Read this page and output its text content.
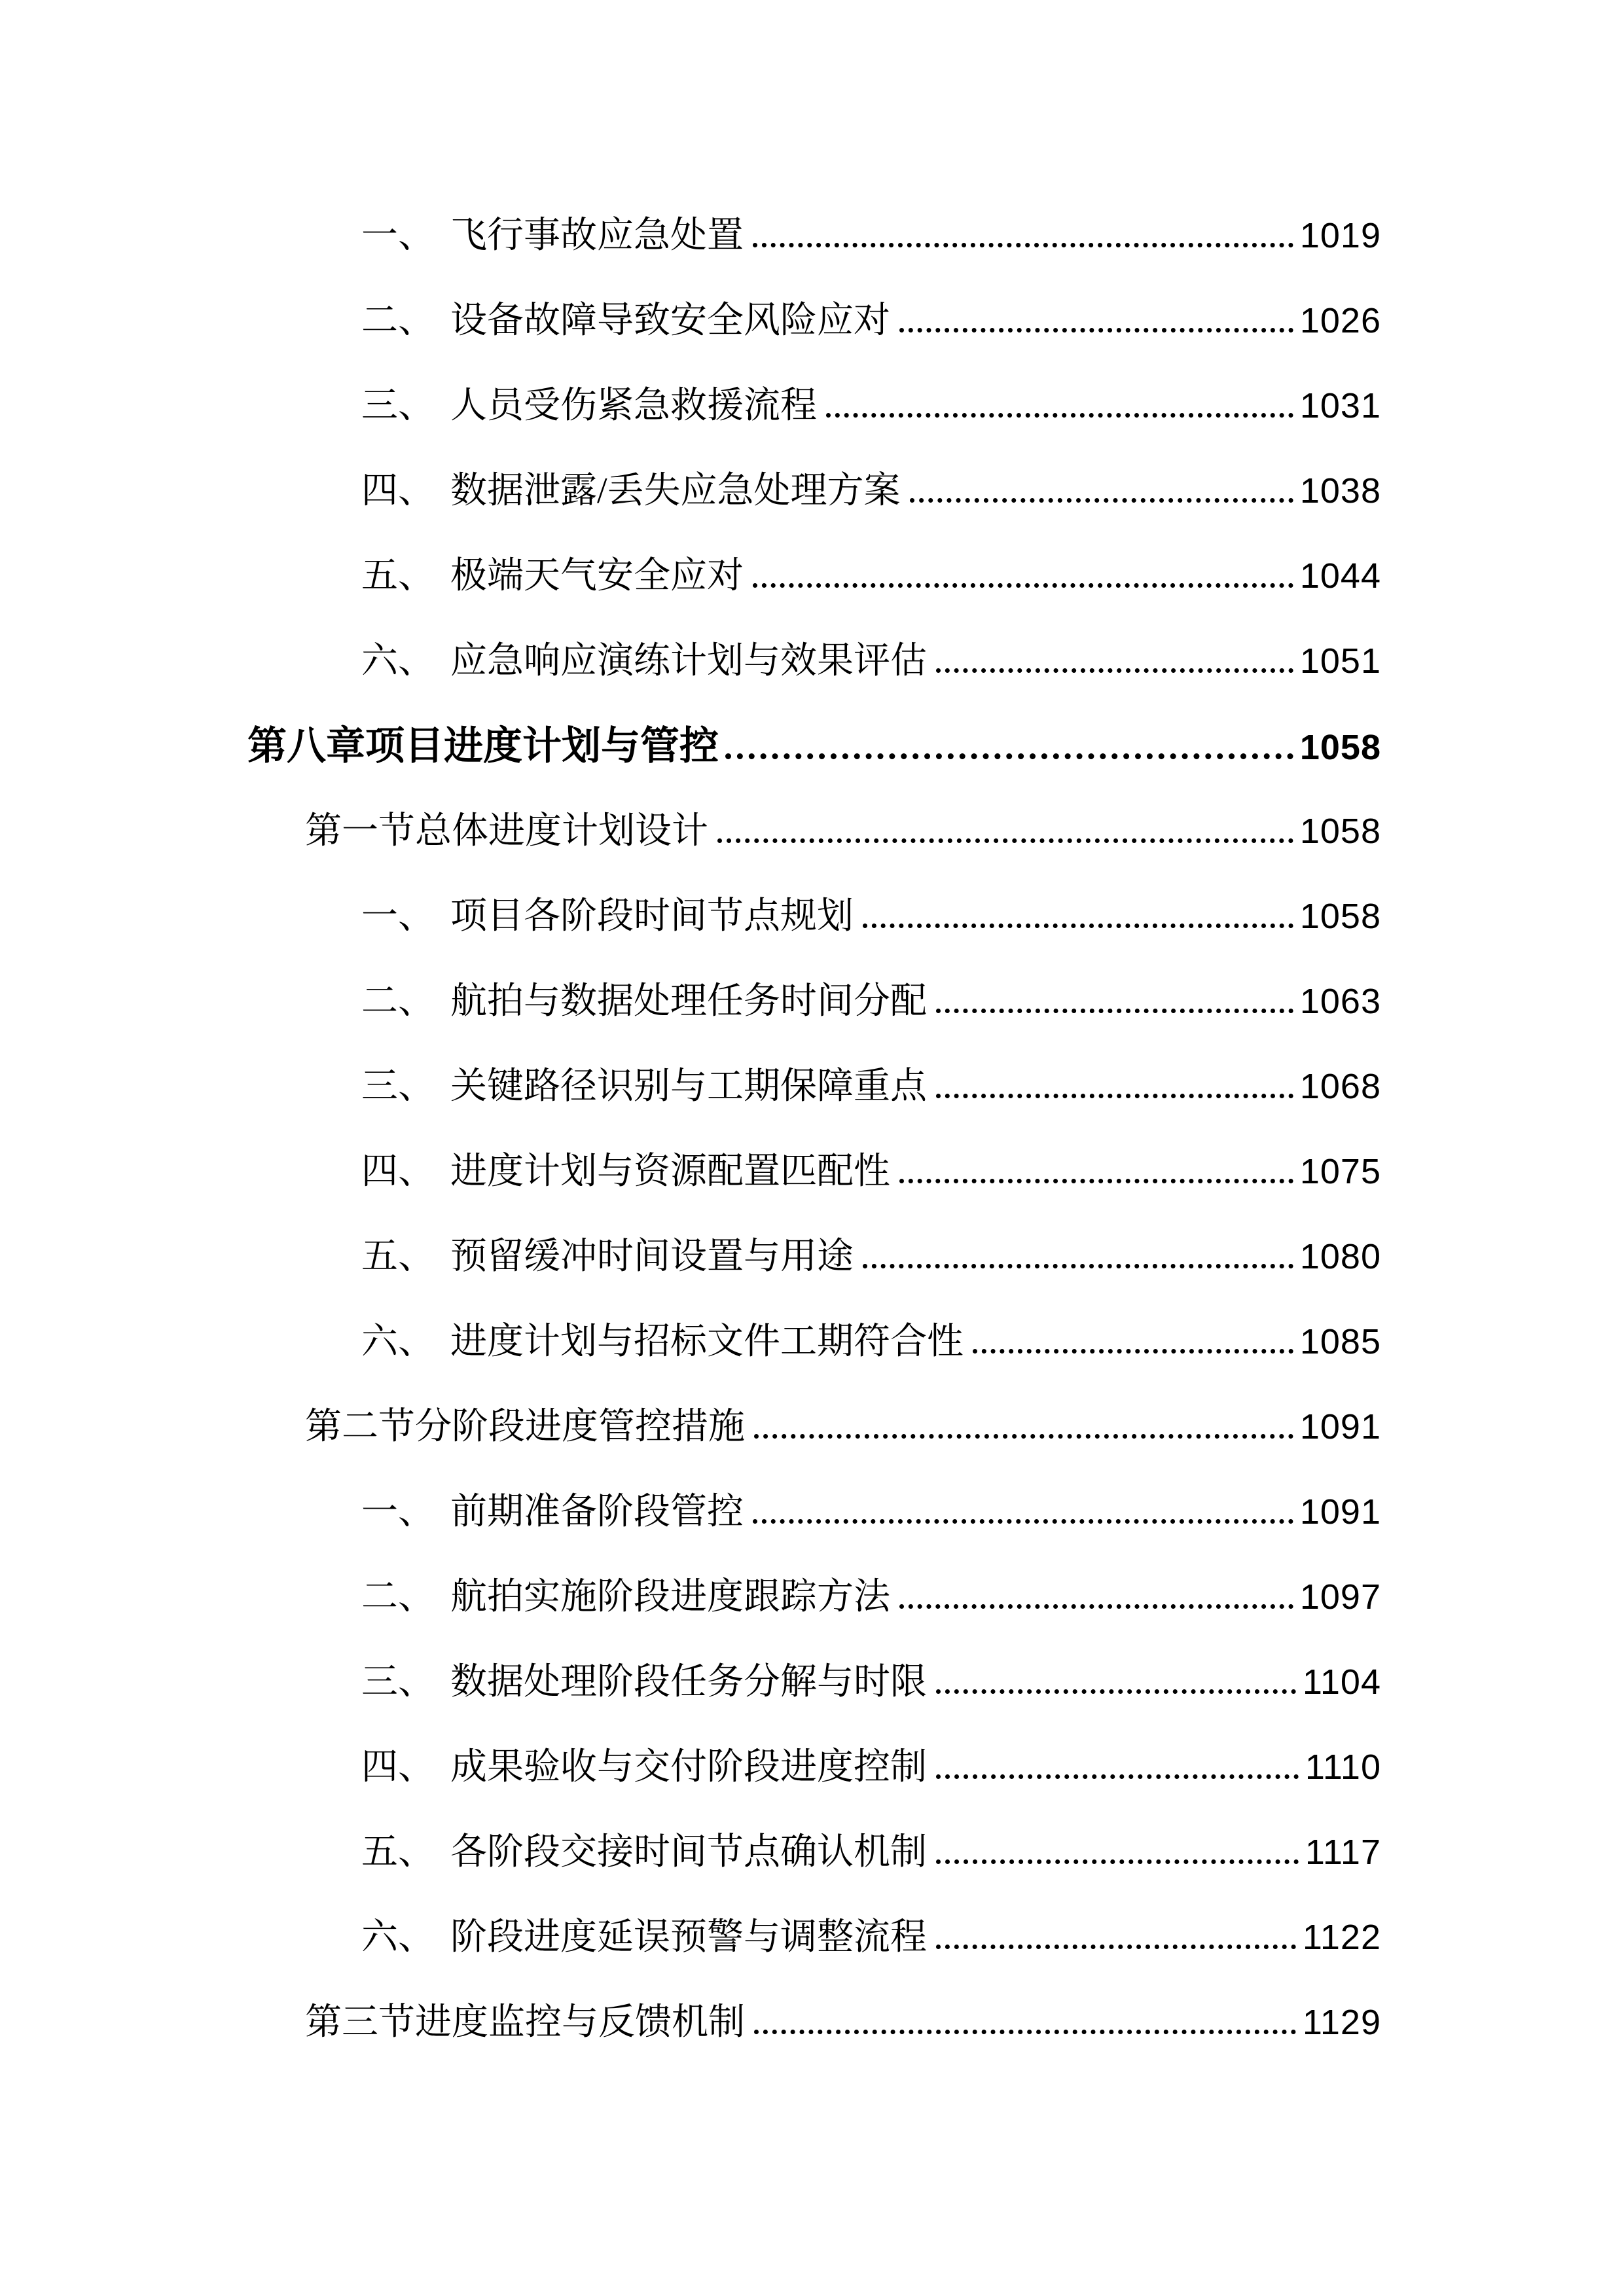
一、 飞行事故应急处置	1019
二、 设备故障导致安全风险应对	1026
三、 人员受伤紧急救援流程	1031
四、 数据泄露/丢失应急处理方案	1038
五、 极端天气安全应对	1044
六、 应急响应演练计划与效果评估	1051
第八章项目进度计划与管控	1058
第一节总体进度计划设计	1058
一、 项目各阶段时间节点规划	1058
二、 航拍与数据处理任务时间分配	1063
三、 关键路径识别与工期保障重点	1068
四、 进度计划与资源配置匹配性	1075
五、 预留缓冲时间设置与用途	1080
六、 进度计划与招标文件工期符合性	1085
第二节分阶段进度管控措施	1091
一、 前期准备阶段管控	1091
二、 航拍实施阶段进度跟踪方法	1097
三、 数据处理阶段任务分解与时限	1104
四、 成果验收与交付阶段进度控制	1110
五、 各阶段交接时间节点确认机制	1117
六、 阶段进度延误预警与调整流程	1122
第三节进度监控与反馈机制	1129
